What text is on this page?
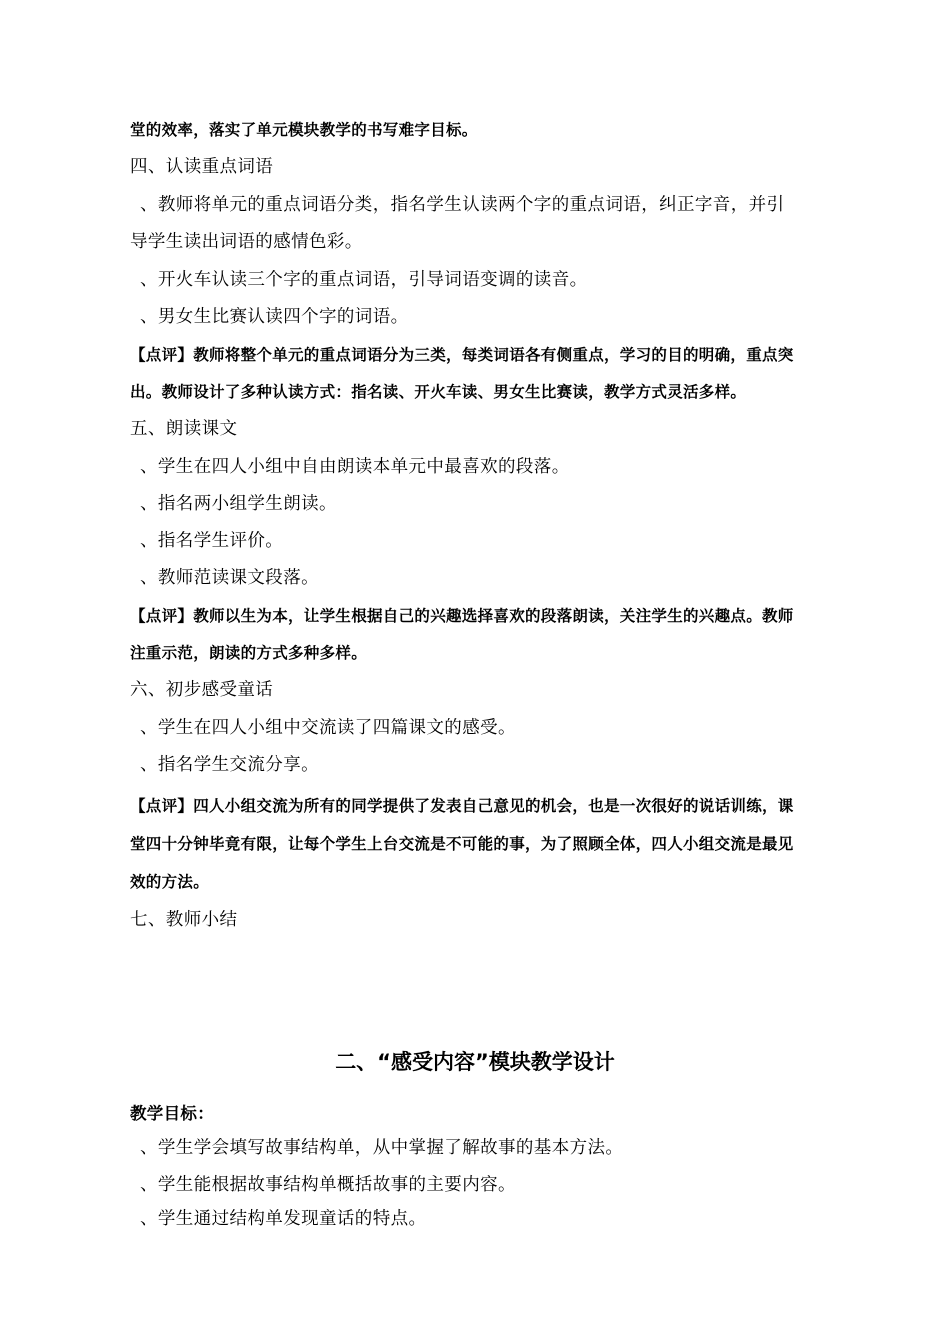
堂的效率，落实了单元模块教学的书写难字目标。
四、认读重点词语
、教师将单元的重点词语分类，指名学生认读两个字的重点词语，纠正字音，并引
导学生读出词语的感情色彩。
、开火车认读三个字的重点词语，引导词语变调的读音。
、男女生比赛认读四个字的词语。
【点评】教师将整个单元的重点词语分为三类，每类词语各有侧重点，学习的目的明确，重点突
出。教师设计了多种认读方式：指名读、开火车读、男女生比赛读，教学方式灵活多样。
五、朗读课文
、学生在四人小组中自由朗读本单元中最喜欢的段落。
、指名两小组学生朗读。
、指名学生评价。
、教师范读课文段落。
【点评】教师以生为本，让学生根据自己的兴趣选择喜欢的段落朗读，关注学生的兴趣点。教师
注重示范，朗读的方式多种多样。
六、初步感受童话
、学生在四人小组中交流读了四篇课文的感受。
、指名学生交流分享。
【点评】四人小组交流为所有的同学提供了发表自己意见的机会，也是一次很好的说话训练，课
堂四十分钟毕竟有限，让每个学生上台交流是不可能的事，为了照顾全体，四人小组交流是最见
效的方法。
七、教师小结
二、“感受内容”模块教学设计
教学目标：
、学生学会填写故事结构单，从中掌握了解故事的基本方法。
、学生能根据故事结构单概括故事的主要内容。
、学生通过结构单发现童话的特点。
